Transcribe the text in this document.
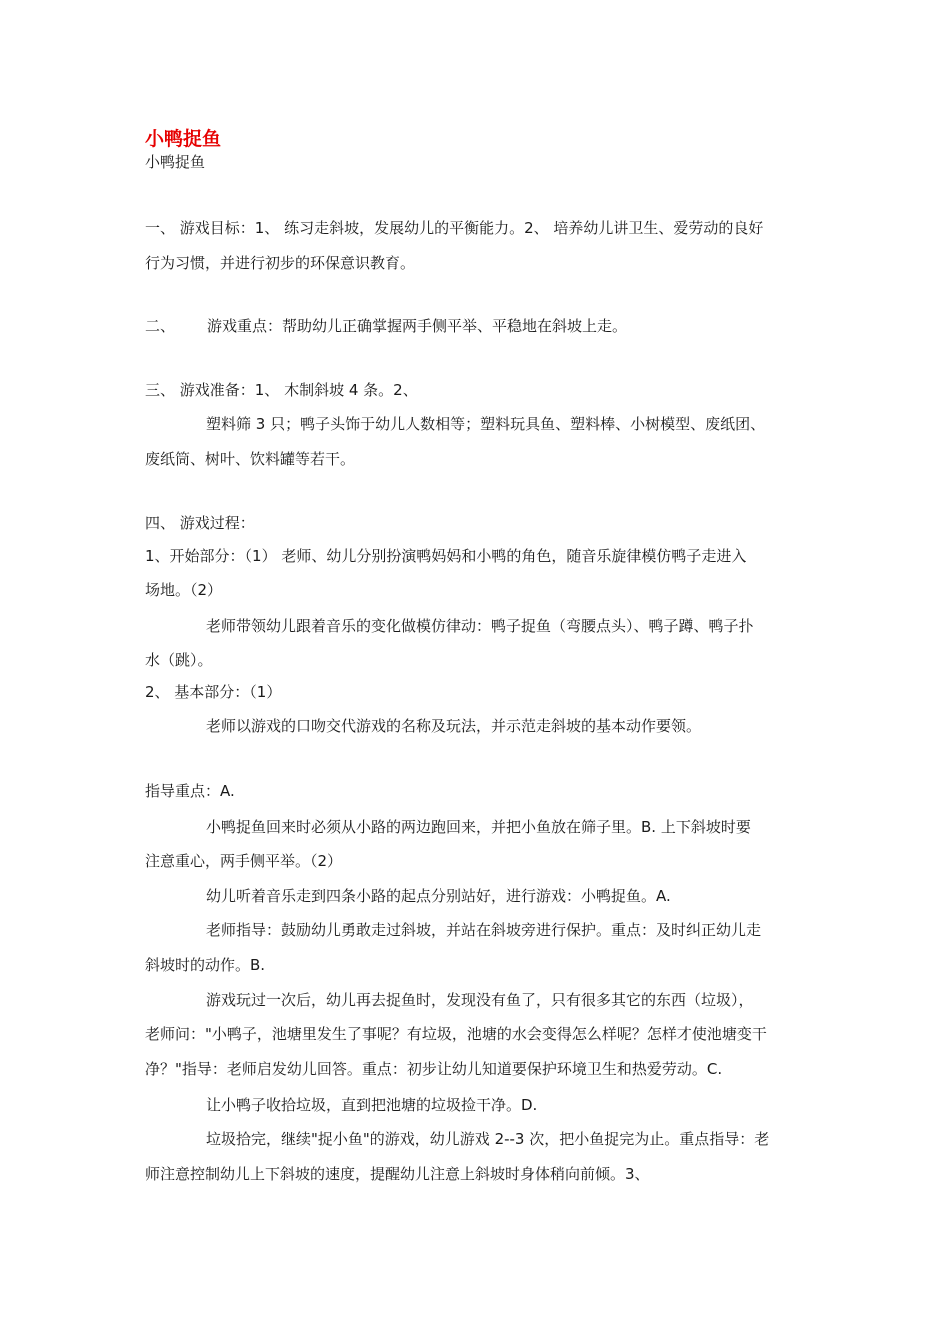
小鸭捉鱼
小鸭捉鱼
一、 游戏目标：1、 练习走斜坡，发展幼儿的平衡能力。2、 培养幼儿讲卫生、爱劳动的良好
行为习惯，并进行初步的环保意识教育。
二、 游戏重点：帮助幼儿正确掌握两手侧平举、平稳地在斜坡上走。
三、 游戏准备：1、 木制斜坡 4 条。2、
塑料筛 3 只；鸭子头饰于幼儿人数相等；塑料玩具鱼、塑料棒、小树模型、废纸团、
废纸筒、树叶、饮料罐等若干。
四、 游戏过程：
1、开始部分：（1） 老师、幼儿分别扮演鸭妈妈和小鸭的角色，随音乐旋律模仿鸭子走进入
场地。（2）
老师带领幼儿跟着音乐的变化做模仿律动：鸭子捉鱼（弯腰点头）、鸭子蹲、鸭子扑
水（跳）。
2、 基本部分：（1）
老师以游戏的口吻交代游戏的名称及玩法，并示范走斜坡的基本动作要领。
指导重点：A.
小鸭捉鱼回来时必须从小路的两边跑回来，并把小鱼放在筛子里。B. 上下斜坡时要
注意重心，两手侧平举。（2）
幼儿听着音乐走到四条小路的起点分别站好，进行游戏：小鸭捉鱼。A.
老师指导：鼓励幼儿勇敢走过斜坡，并站在斜坡旁进行保护。重点：及时纠正幼儿走
斜坡时的动作。B.
游戏玩过一次后，幼儿再去捉鱼时，发现没有鱼了，只有很多其它的东西（垃圾），
老师问："小鸭子，池塘里发生了事呢？有垃圾，池塘的水会变得怎么样呢？怎样才使池塘变干
净？"指导：老师启发幼儿回答。重点：初步让幼儿知道要保护环境卫生和热爱劳动。C.
让小鸭子收拾垃圾，直到把池塘的垃圾捡干净。D.
垃圾拾完，继续"捉小鱼"的游戏，幼儿游戏 2--3 次，把小鱼捉完为止。重点指导：老
师注意控制幼儿上下斜坡的速度，提醒幼儿注意上斜坡时身体稍向前倾。3、
